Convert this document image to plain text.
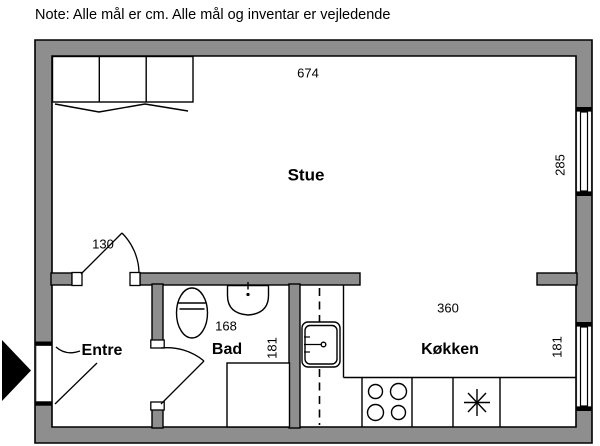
Note: Alle mål er cm. Alle mål og inventar er vejledende
674
Stue	285
130
Entre
168
Bad 181
360
Køkken	181
